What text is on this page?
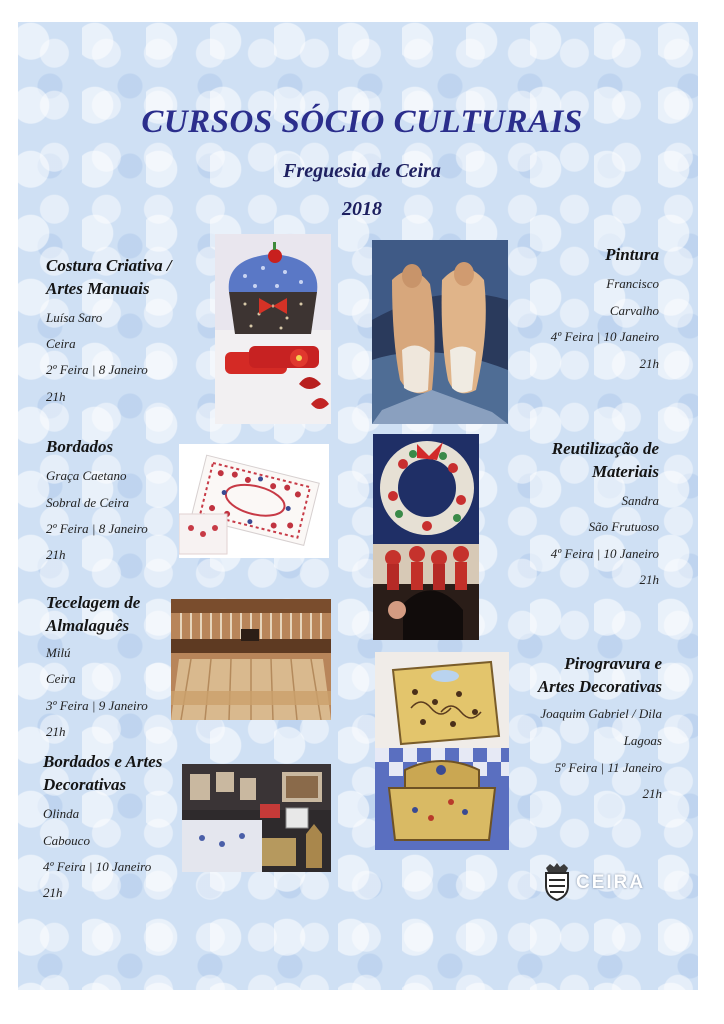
CURSOS SÓCIO CULTURAIS
Freguesia de Ceira
2018
Costura Criativa /
Artes Manuais
Luísa Saro
Ceira
2º Feira | 8 Janeiro
21h
Bordados
Graça Caetano
Sobral de Ceira
2º Feira | 8 Janeiro
21h
Tecelagem de
Almalaguês
Milú
Ceira
3º Feira | 9 Janeiro
21h
Bordados e Artes
Decorativas
Olinda
Cabouco
4º Feira | 10 Janeiro
21h
Pintura
Francisco
Carvalho
4º Feira | 10 Janeiro
21h
Reutilização de
Materiais
Sandra
São Frutuoso
4º Feira | 10 Janeiro
21h
Pirogravura e
Artes Decorativas
Joaquim Gabriel / Dila
Lagoas
5º Feira | 11 Janeiro
21h
CEIRA
